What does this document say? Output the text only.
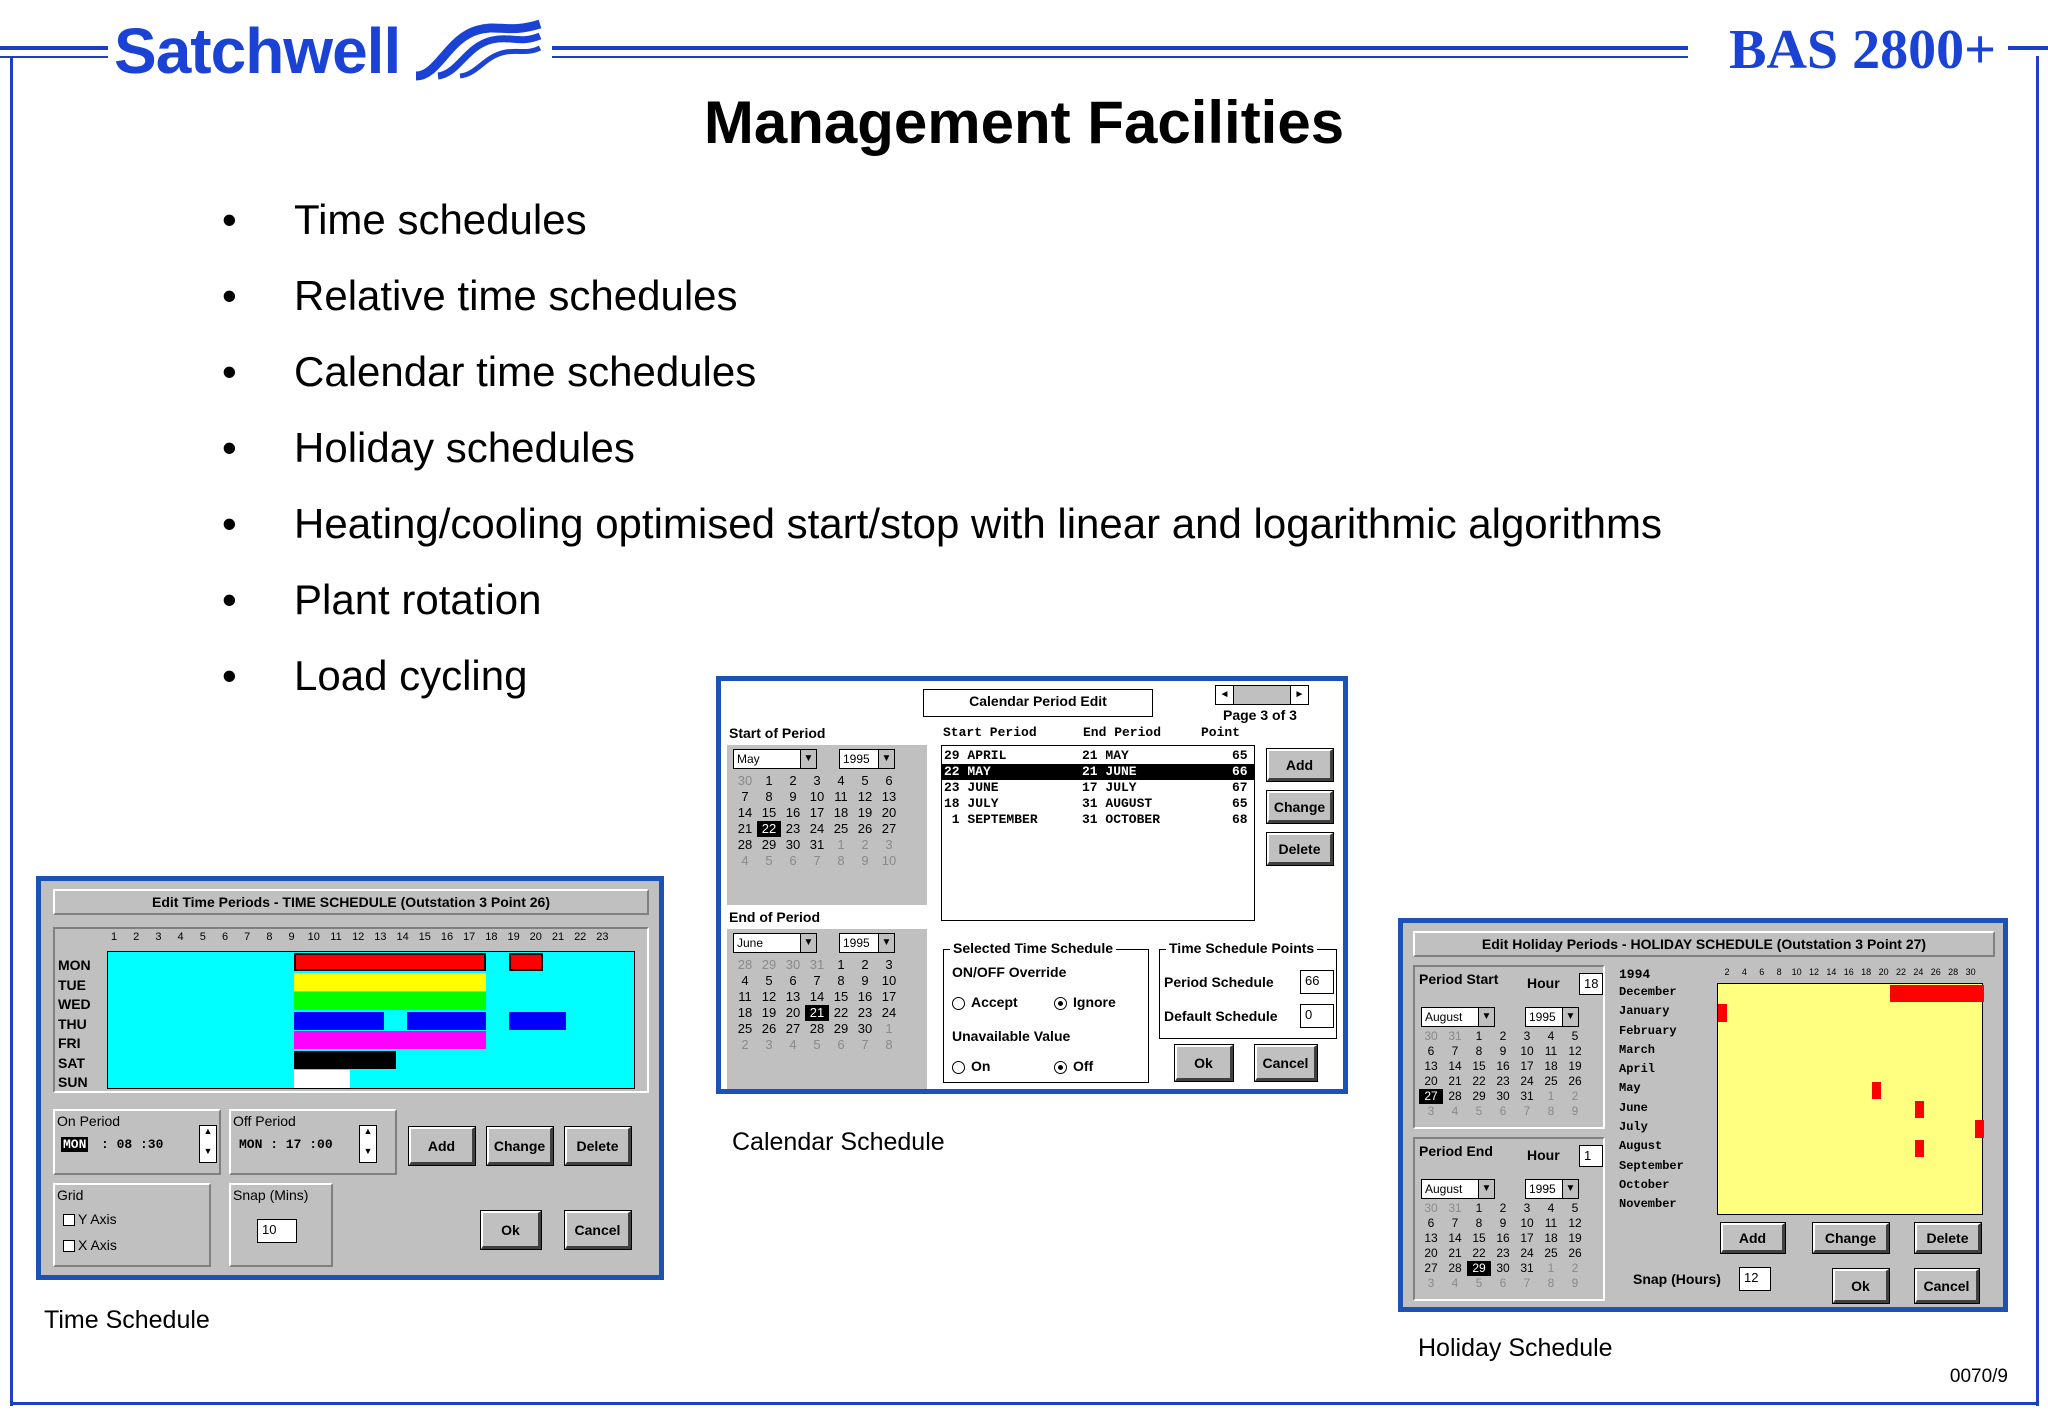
Satchwell	BAS 2800+
Management Facilities
•	Time schedules
•	Relative time schedules
•	Calendar time schedules
•	Holiday schedules
•	Heating/cooling optimised start/stop with linear and logarithmic algorithms
•	Plant rotation
•	Load cycling
Edit Time Periods - TIME SCHEDULE (Outstation 3 Point 26)
1	2	3	4	5	6	7	8	9	10 11 12 13 14 15 16 17 18 19 20 21 22 23
MON
TUE
WED
THU
FRI
SAT
SUN
On Period
MON : 08 :30
▲

▼
Off Period
MON : 17 :00
▲

▼	Add	Change	Delete
Grid
Y Axis
X Axis
Snap (Mins)
10	Ok	Cancel
Calendar Period Edit	◄	►
Page 3 of 3
Start of Period
May	▼	1995	▼
30	1	2	3	4	5	6
7	8	9	10 11 12 13
14 15 16 17 18 19 20
21 22 23 24 25 26 27
28 29 30 31	1	2	3
4	5	6	7	8	9	10
End of Period
June	▼	1995	▼
28 29 30 31	1	2	3
4	5	6	7	8	9	10
11 12 13 14 15 16 17
18 19 20 21 22 23 24
25 26 27 28 29 30	1
2	3	4	5	6	7	8
Start Period	End Period	Point
29 APRIL	21 MAY	65
22 MAY	21 JUNE	66
23 JUNE	17 JULY	67
18 JULY	31 AUGUST	65
1 SEPTEMBER	31 OCTOBER	68
Add
Change
Delete
Selected Time Schedule
ON/OFF Override
Accept	Ignore
Unavailable Value
On	Off
Time Schedule Points
Period Schedule	66
Default Schedule	0
Ok	Cancel
Edit Holiday Periods - HOLIDAY SCHEDULE (Outstation 3 Point 27)
Period Start Hour	18
August	▼	1995 ▼
30 31	1	2	3	4	5
6	7	8	9	10 11 12
13 14 15 16 17 18 19
20 21 22 23 24 25 26
27 28 29 30 31	1	2
3	4	5	6	7	8	9
Period End Hour	1
August	▼	1995 ▼
30 31	1	2	3	4	5
6	7	8	9	10 11 12
13 14 15 16 17 18 19
20 21 22 23 24 25 26
27 28 29 30 31	1	2
3	4	5	6	7	8	9
1994
December
January
February
March
April
May
June
July
August
September
October
November
2	4	6	8	10 12 14 16 18 20 22 24 26 28 30
Add	Change	Delete
Snap (Hours)	12	Ok	Cancel
Time Schedule
Calendar Schedule
Holiday Schedule
0070/9
